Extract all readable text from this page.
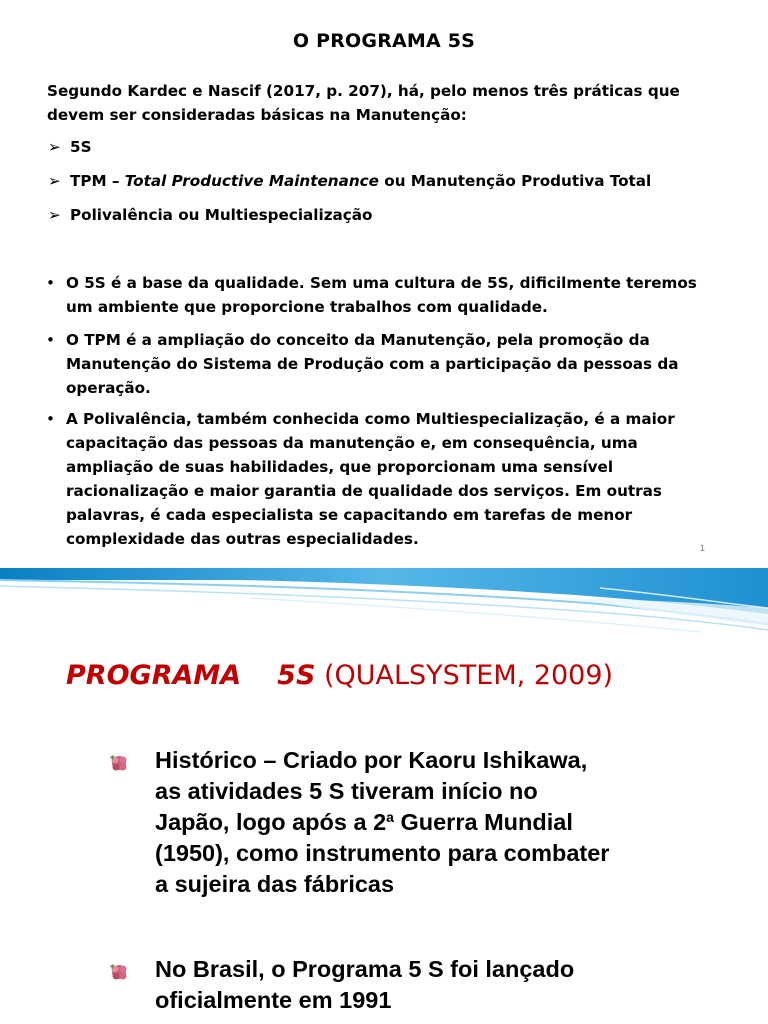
O PROGRAMA 5S
Segundo Kardec e Nascif (2017, p. 207), há, pelo menos três práticas que
devem ser consideradas básicas na Manutenção:
➢ 5S
➢ TPM – Total Productive Maintenance ou Manutenção Produtiva Total
➢ Polivalência ou Multiespecialização
• O 5S é a base da qualidade. Sem uma cultura de 5S, dificilmente teremos
um ambiente que proporcione trabalhos com qualidade.
• O TPM é a ampliação do conceito da Manutenção, pela promoção da
Manutenção do Sistema de Produção com a participação da pessoas da
operação.
• A Polivalência, também conhecida como Multiespecialização, é a maior
capacitação das pessoas da manutenção e, em consequência, uma
ampliação de suas habilidades, que proporcionam uma sensível
racionalização e maior garantia de qualidade dos serviços. Em outras
palavras, é cada especialista se capacitando em tarefas de menor
complexidade das outras especialidades.	1
PROGRAMA 5S (QUALSYSTEM, 2009)
Histórico – Criado por Kaoru Ishikawa,
as atividades 5 S tiveram início no
Japão, logo após a 2$^a$ Guerra Mundial
(1950), como instrumento para combater
a sujeira das fábricas
No Brasil, o Programa 5 S foi lançado
oficialmente em 1991
